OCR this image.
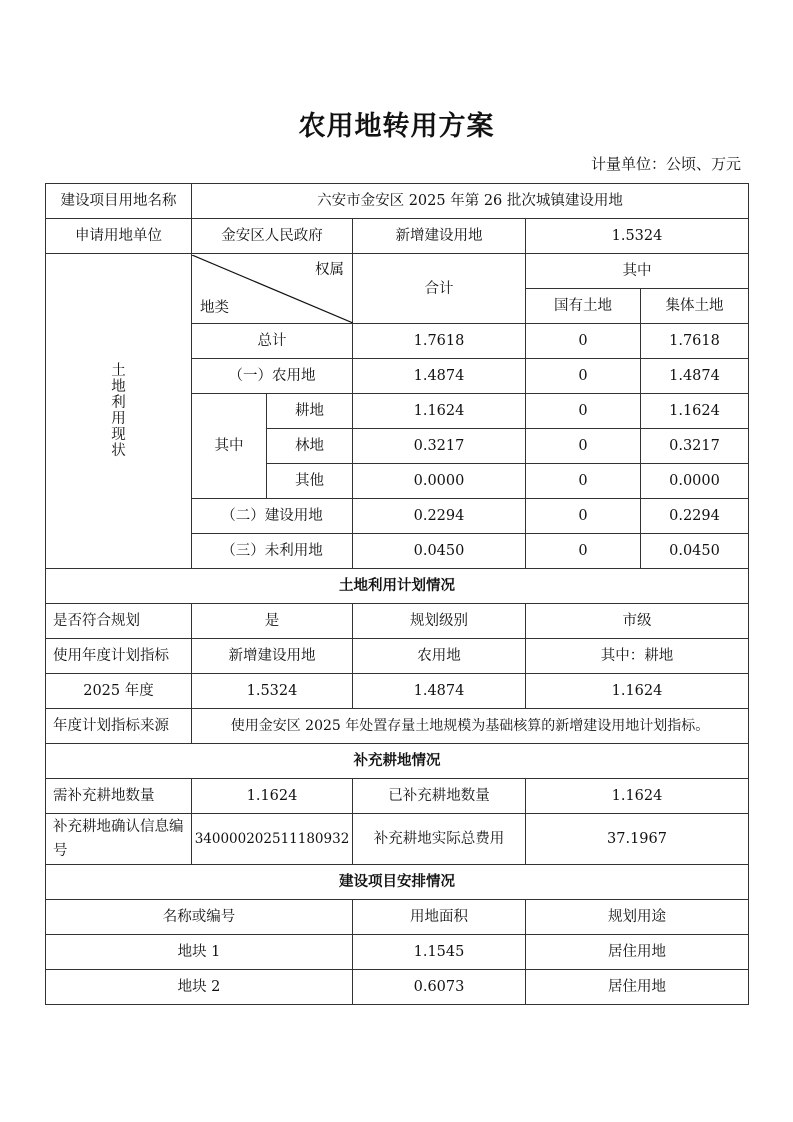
农用地转用方案
计量单位：公顷、万元
建设项目用地名称	六安市金安区 2025 年第 26 批次城镇建设用地				
申请用地单位	金安区人民政府		新增建设用地	1.5324	
土地利用现状	权属
地类		合计	其中	
				国有土地	集体土地
	总计		1.7618	0	1.7618
	（一）农用地		1.4874	0	1.4874
	其中	耕地	1.1624	0	1.1624
		林地	0.3217	0	0.3217
		其他	0.0000	0	0.0000
	（二）建设用地		0.2294	0	0.2294
	（三）未利用地		0.0450	0	0.0450
土地利用计划情况					
是否符合规划	是		规划级别	市级	
使用年度计划指标	新增建设用地		农用地	其中：耕地	
2025 年度	1.5324		1.4874	1.1624	
年度计划指标来源	使用金安区 2025 年处置存量土地规模为基础核算的新增建设用地计划指标。				
补充耕地情况					
需补充耕地数量	1.1624		已补充耕地数量	1.1624	
补充耕地确认信息编号	340000202511180932		补充耕地实际总费用	37.1967	
建设项目安排情况					
名称或编号			用地面积	规划用途	
地块 1			1.1545	居住用地	
地块 2			0.6073	居住用地	
